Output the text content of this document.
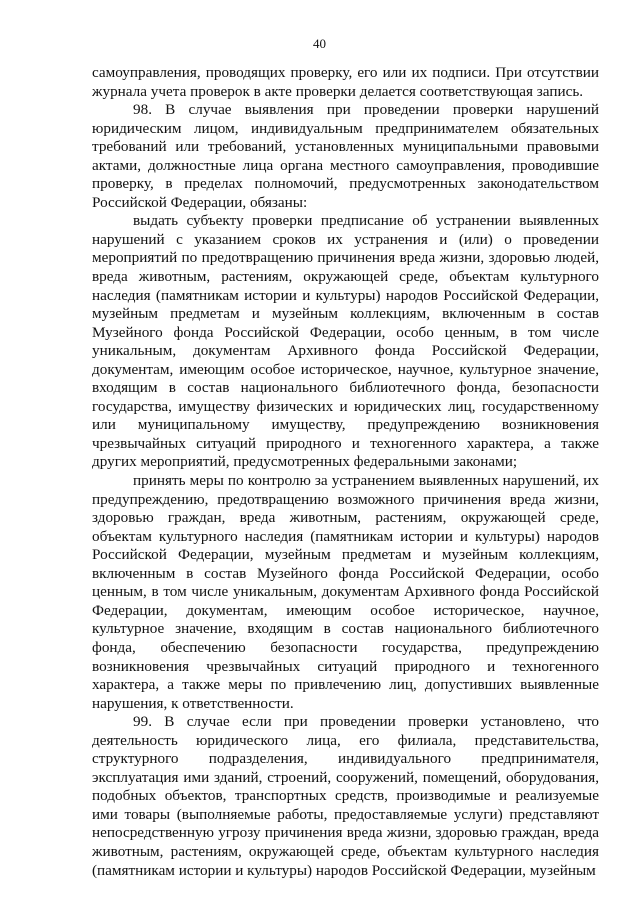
40

самоуправления, проводящих проверку, его или их подписи. При отсутствии журнала учета проверок в акте проверки делается соответствующая запись.

98. В случае выявления при проведении проверки нарушений юридическим лицом, индивидуальным предпринимателем обязательных требований или требований, установленных муниципальными правовыми актами, должностные лица органа местного самоуправления, проводившие проверку, в пределах полномочий, предусмотренных законодательством Российской Федерации, обязаны:

выдать субъекту проверки предписание об устранении выявленных нарушений с указанием сроков их устранения и (или) о проведении мероприятий по предотвращению причинения вреда жизни, здоровью людей, вреда животным, растениям, окружающей среде, объектам культурного наследия (памятникам истории и культуры) народов Российской Федерации, музейным предметам и музейным коллекциям, включенным в состав Музейного фонда Российской Федерации, особо ценным, в том числе уникальным, документам Архивного фонда Российской Федерации, документам, имеющим особое историческое, научное, культурное значение, входящим в состав национального библиотечного фонда, безопасности государства, имуществу физических и юридических лиц, государственному или муниципальному имуществу, предупреждению возникновения чрезвычайных ситуаций природного и техногенного характера, а также других мероприятий, предусмотренных федеральными законами;

принять меры по контролю за устранением выявленных нарушений, их предупреждению, предотвращению возможного причинения вреда жизни, здоровью граждан, вреда животным, растениям, окружающей среде, объектам культурного наследия (памятникам истории и культуры) народов Российской Федерации, музейным предметам и музейным коллекциям, включенным в состав Музейного фонда Российской Федерации, особо ценным, в том числе уникальным, документам Архивного фонда Российской Федерации, документам, имеющим особое историческое, научное, культурное значение, входящим в состав национального библиотечного фонда, обеспечению безопасности государства, предупреждению возникновения чрезвычайных ситуаций природного и техногенного характера, а также меры по привлечению лиц, допустивших выявленные нарушения, к ответственности.

99. В случае если при проведении проверки установлено, что деятельность юридического лица, его филиала, представительства, структурного подразделения, индивидуального предпринимателя, эксплуатация ими зданий, строений, сооружений, помещений, оборудования, подобных объектов, транспортных средств, производимые и реализуемые ими товары (выполняемые работы, предоставляемые услуги) представляют непосредственную угрозу причинения вреда жизни, здоровью граждан, вреда животным, растениям, окружающей среде, объектам культурного наследия (памятникам истории и культуры) народов Российской Федерации, музейным
